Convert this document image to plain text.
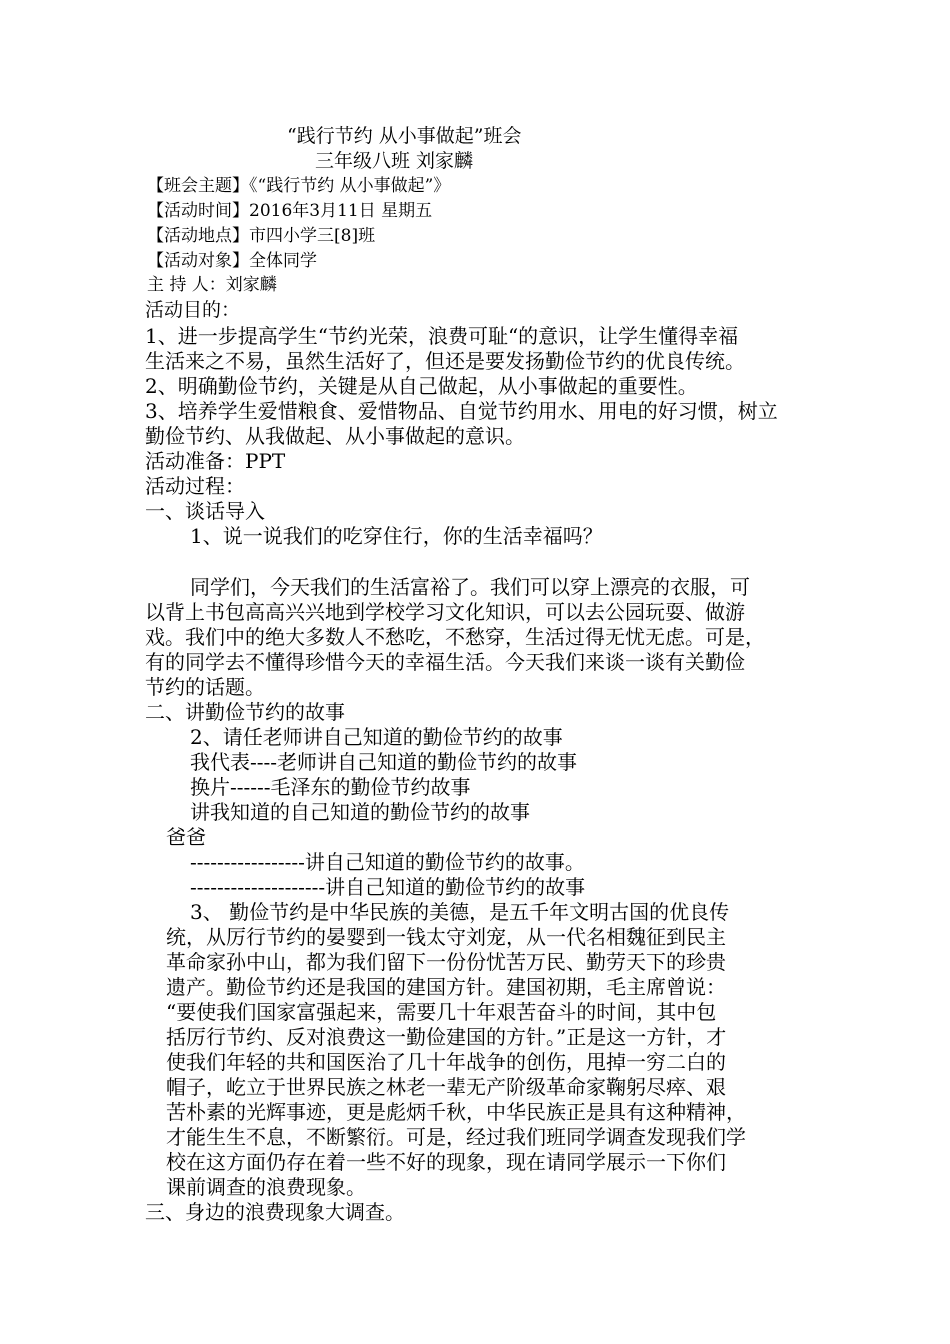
“践行节约 从小事做起”班会
三年级八班 刘家麟
【班会主题】《“践行节约 从小事做起”》
【活动时间】2016年3月11日 星期五
【活动地点】市四小学三[8]班
【活动对象】全体同学
主 持 人：刘家麟
活动目的：
1、进一步提高学生“节约光荣，浪费可耻“的意识，让学生懂得幸福
生活来之不易，虽然生活好了，但还是要发扬勤俭节约的优良传统。
2、明确勤俭节约，关键是从自己做起，从小事做起的重要性。
3、培养学生爱惜粮食、爱惜物品、自觉节约用水、用电的好习惯，树立
勤俭节约、从我做起、从小事做起的意识。
活动准备：PPT
活动过程：
一、谈话导入
1、说一说我们的吃穿住行，你的生活幸福吗？
同学们，今天我们的生活富裕了。我们可以穿上漂亮的衣服，可
以背上书包高高兴兴地到学校学习文化知识，可以去公园玩耍、做游
戏。我们中的绝大多数人不愁吃，不愁穿，生活过得无忧无虑。可是，
有的同学去不懂得珍惜今天的幸福生活。今天我们来谈一谈有关勤俭
节约的话题。
二、讲勤俭节约的故事
2、请任老师讲自己知道的勤俭节约的故事
我代表----老师讲自己知道的勤俭节约的故事
换片------毛泽东的勤俭节约故事
讲我知道的自己知道的勤俭节约的故事
爸爸
-----------------讲自己知道的勤俭节约的故事。
--------------------讲自己知道的勤俭节约的故事
3、 勤俭节约是中华民族的美德，是五千年文明古国的优良传
统，从厉行节约的晏婴到一钱太守刘宠，从一代名相魏征到民主
革命家孙中山，都为我们留下一份份忧苦万民、勤劳天下的珍贵
遗产。勤俭节约还是我国的建国方针。建国初期，毛主席曾说：
“要使我们国家富强起来，需要几十年艰苦奋斗的时间，其中包
括厉行节约、反对浪费这一勤俭建国的方针。”正是这一方针，才
使我们年轻的共和国医治了几十年战争的创伤，甩掉一穷二白的
帽子，屹立于世界民族之林老一辈无产阶级革命家鞠躬尽瘁、艰
苦朴素的光辉事迹，更是彪炳千秋，中华民族正是具有这种精神，
才能生生不息，不断繁衍。可是，经过我们班同学调查发现我们学
校在这方面仍存在着一些不好的现象，现在请同学展示一下你们
课前调查的浪费现象。
三、身边的浪费现象大调查。
